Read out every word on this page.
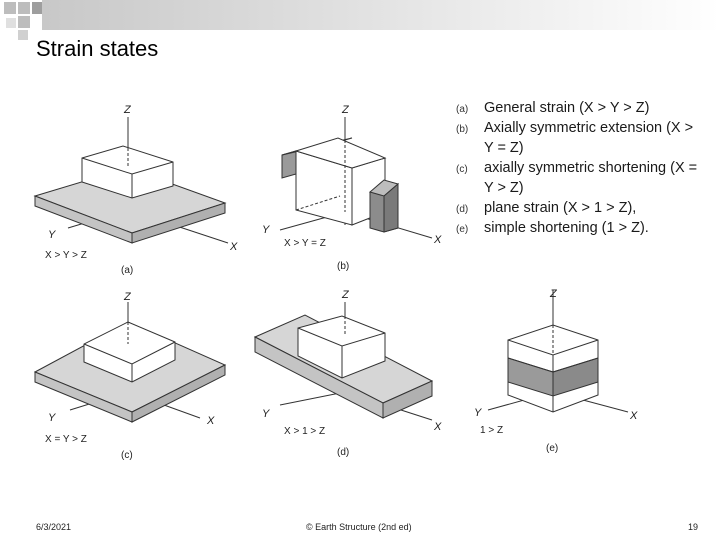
Strain states
Z
Y
X
Z
Y
X
Z
Y	X
Z
Y
X
Z
Y	X
X > Y > Z
(a)
X > Y = Z
(b)
X = Y > Z
(c)
X > 1 > Z
(d)
1 > Z
(e)
(a) General strain (X > Y > Z)
(b) Axially symmetric extension (X > Y = Z)
(c) axially symmetric shortening (X = Y > Z)
(d) plane strain (X > 1 > Z),
(e) simple shortening (1 > Z).
6/3/2021	© Earth Structure (2nd ed)	19
